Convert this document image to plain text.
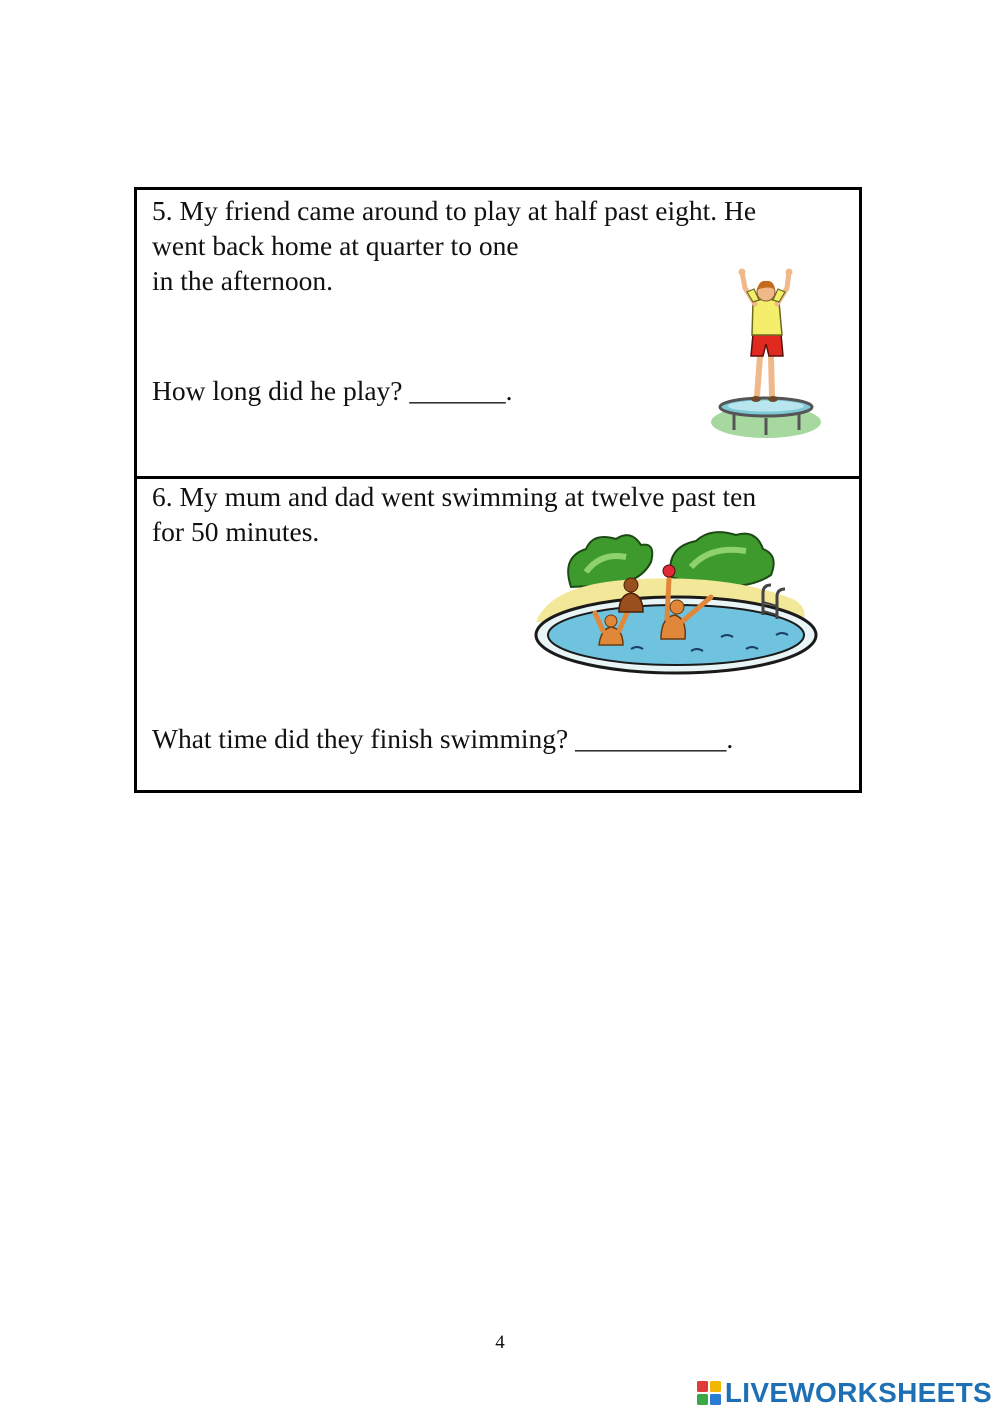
5. My friend came around to play at half past eight. He
went back home at quarter to one
in the afternoon.
How long did he play? _______.
6. My mum and dad went swimming at twelve past ten
for 50 minutes.
What time did they finish swimming? ___________.
4
LIVEWORKSHEETS
